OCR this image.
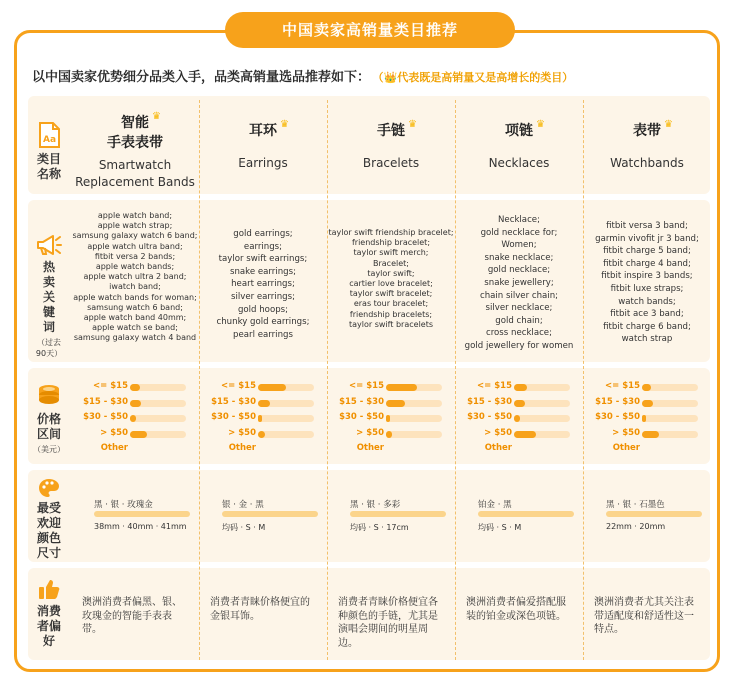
中国卖家高销量类目推荐
以中国卖家优势细分品类入手，品类高销量选品推荐如下： （👑代表既是高销量又是高增长的类目）
Aa
类目名称
智能 ♛
手表表带
Smartwatch
Replacement Bands
耳环 ♛
Earrings
手链 ♛
Bracelets
项链 ♛
Necklaces
表带 ♛
Watchbands
热卖关键词
（过去90天）
apple watch band;
apple watch strap;
samsung galaxy watch 6 band;
apple watch ultra band;
fitbit versa 2 bands;
apple watch bands;
apple watch ultra 2 band;
iwatch band;
apple watch bands for woman;
samsung watch 6 band;
apple watch band 40mm;
apple watch se band;
samsung galaxy watch 4 band
gold earrings;
earrings;
taylor swift earrings;
snake earrings;
heart earrings;
silver earrings;
gold hoops;
chunky gold earrings;
pearl earrings
taylor swift friendship bracelet;
friendship bracelet;
taylor swift merch;
Bracelet;
taylor swift;
cartier love bracelet;
taylor swift bracelet;
eras tour bracelet;
friendship bracelets;
taylor swift bracelets
Necklace;
gold necklace for;
Women;
snake necklace;
gold necklace;
snake jewellery;
chain silver chain;
silver necklace;
gold chain;
cross necklace;
gold jewellery for women
fitbit versa 3 band;
garmin vivofit jr 3 band;
fitbit charge 5 band;
fitbit charge 4 band;
fitbit inspire 3 bands;
fitbit luxe straps;
watch bands;
fitbit ace 3 band;
fitbit charge 6 band;
watch strap
价格区间
（美元）
<= $15
$15 - $30
$30 - $50
> $50
Other
<= $15
$15 - $30
$30 - $50
> $50
Other
<= $15
$15 - $30
$30 - $50
> $50
Other
<= $15
$15 - $30
$30 - $50
> $50
Other
<= $15
$15 - $30
$30 - $50
> $50
Other
最受欢迎颜色尺寸
黑 · 银 · 玫瑰金
38mm · 40mm · 41mm
银 · 金 · 黑
均码 · S · M
黑 · 银 · 多彩
均码 · S · 17cm
铂金 · 黑
均码 · S · M
黑 · 银 · 石墨色
22mm · 20mm
消费者偏好
澳洲消费者偏黑、银、玫瑰金的智能手表表带。
消费者青睐价格便宜的金银耳饰。
消费者青睐价格便宜各种颜色的手链，尤其是演唱会期间的明星周边。
澳洲消费者偏爱搭配服装的铂金或深色项链。
澳洲消费者尤其关注表带适配度和舒适性这一特点。
